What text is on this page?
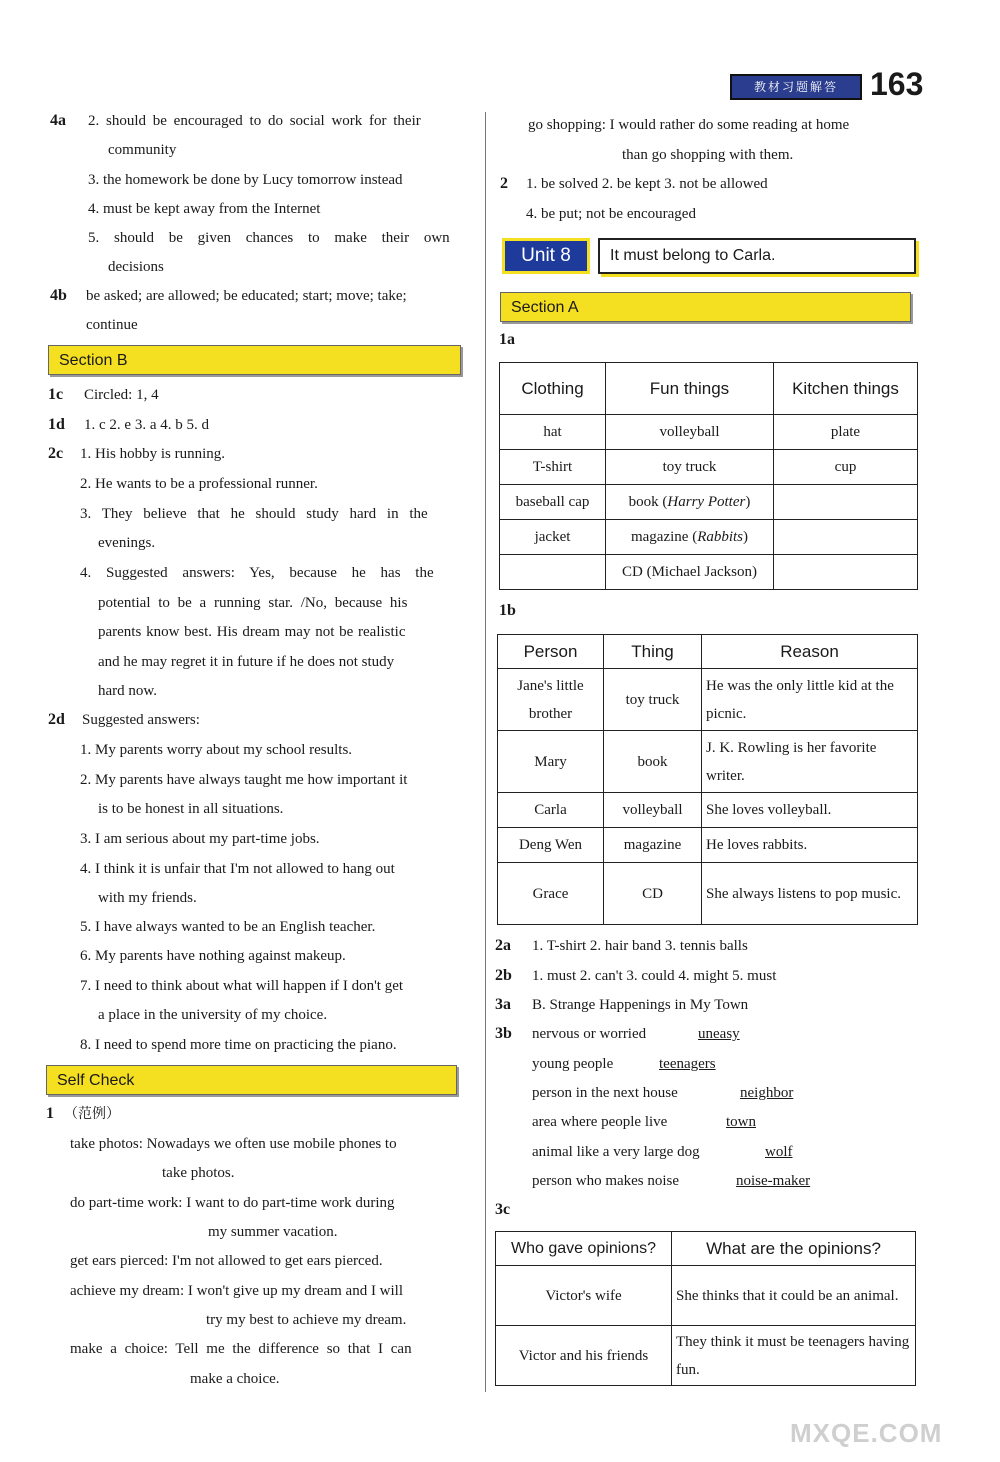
教材习题解答	163
4a 2. should be encouraged to do social work for their
community
3. the homework be done by Lucy tomorrow instead
4. must be kept away from the Internet
5. should be given chances to make their own
decisions
4b be asked; are allowed; be educated; start; move; take;
continue
Section B
1c Circled: 1, 4
1d 1. c 2. e 3. a 4. b 5. d
2c 1. His hobby is running.
2. He wants to be a professional runner.
3. They believe that he should study hard in the
evenings.
4. Suggested answers: Yes, because he has the
potential to be a running star. /No, because his
parents know best. His dream may not be realistic
and he may regret it in future if he does not study
hard now.
2d Suggested answers:
1. My parents worry about my school results.
2. My parents have always taught me how important it
is to be honest in all situations.
3. I am serious about my part-time jobs.
4. I think it is unfair that I'm not allowed to hang out
with my friends.
5. I have always wanted to be an English teacher.
6. My parents have nothing against makeup.
7. I need to think about what will happen if I don't get
a place in the university of my choice.
8. I need to spend more time on practicing the piano.
Self Check
1 （范例）
take photos: Nowadays we often use mobile phones to
take photos.
do part-time work: I want to do part-time work during
my summer vacation.
get ears pierced: I'm not allowed to get ears pierced.
achieve my dream: I won't give up my dream and I will
try my best to achieve my dream.
make a choice: Tell me the difference so that I can
make a choice.
go shopping: I would rather do some reading at home
than go shopping with them.
2 1. be solved 2. be kept 3. not be allowed
4. be put; not be encouraged
Unit 8	It must belong to Carla.
Section A
1a
Clothing	Fun things	Kitchen things
hat	volleyball	plate
T-shirt	toy truck	cup
baseball cap	book (Harry Potter)	
jacket	magazine (Rabbits)	
	CD (Michael Jackson)	
1b
Person	Thing	Reason
Jane's little brother	toy truck	He was the only little kid at the picnic.
Mary	book	J. K. Rowling is her favorite writer.
Carla	volleyball	She loves volleyball.
Deng Wen	magazine	He loves rabbits.
Grace	CD	She always listens to pop music.
2a 1. T-shirt 2. hair band 3. tennis balls
2b 1. must 2. can't 3. could 4. might 5. must
3a B. Strange Happenings in My Town
3b nervous or worried	uneasy
young people	teenagers
person in the next house	neighbor
area where people live	town
animal like a very large dog	wolf
person who makes noise	noise-maker
3c
Who gave opinions?	What are the opinions?
Victor's wife	She thinks that it could be an animal.
Victor and his friends	They think it must be teenagers having fun.
MXQE.COM
